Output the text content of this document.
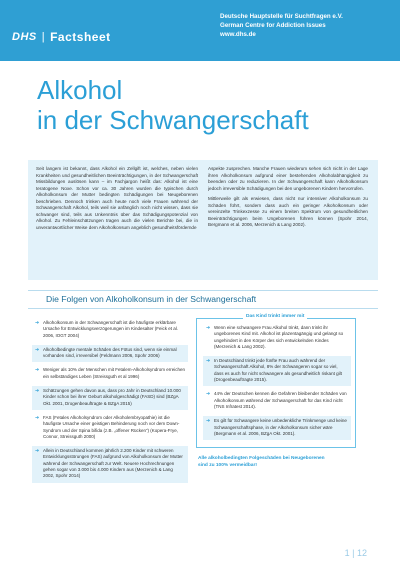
DHS | Factsheet
Deutsche Hauptstelle für Suchtfragen e.V.
German Centre for Addiction Issues
www.dhs.de
Alkohol
in der Schwangerschaft

Seit langem ist bekannt, dass Alkohol ein Zellgift ist, welches, neben vielen Krankheiten und gesundheitlichen Beeinträchtigungen, in der Schwangerschaft Missbildungen auslösen kann – im Fachjargon heißt das: Alkohol ist eine teratogene Noxe. Schon vor ca. 30 Jahren wurden die typischen durch Alkoholkonsum der Mutter bedingten Schädigungen bei Neugeborenen beschrieben. Dennoch trinken auch heute noch viele Frauen während der Schwangerschaft Alkohol, teils weil sie anfänglich noch nicht wissen, dass sie schwanger sind, teils aus Unkenntnis über das Schädigungspotenzial von Alkohol. Zu Fehleinschätzungen tragen auch die vielen Berichte bei, die in unverantwortlicher Weise dem Alkoholkonsum angeblich gesundheitsfördernde

Aspekte zusprechen. Manche Frauen wiederum sehen sich nicht in der Lage ihren Alkoholkonsum aufgrund einer bestehenden Alkoholabhängigkeit zu beenden oder zu reduzieren. In der Schwangerschaft kann Alkoholkonsum jedoch irreversible Schädigungen bei den ungeborenen Kindern hervorrufen.

Mittlerweile gilt als erwiesen, dass nicht nur intensiver Alkoholkonsum zu Schäden führt, sondern dass auch ein geringer Alkoholkonsum oder vereinzelte Trinkexzesse zu einem breiten Spektrum von gesundheitlichen Beeinträchtigungen beim Ungeborenen führen können (Spohr 2014, Bergmann et al. 2006, Merzenich & Lang 2002).

Die Folgen von Alkoholkonsum in der Schwangerschaft
➜ Alkoholkonsum in der Schwangerschaft ist die häufigste erklärbare Ursache für Entwicklungsverzögerungen im Kindesalter (Feick et al. 2006, IOGT 2004)
➜ Alkoholbedingte mentale Schäden des Fötus sind, wenn sie einmal vorhanden sind, irreversibel (Feldmann 2006, Spohr 2006)
➜ Weniger als 10% der Menschen mit Fetalem-Alkoholsyndrom erreichen ein selbständiges Leben (Streissguth et al 1996)
➜ Schätzungen gehen davon aus, dass pro Jahr in Deutschland 10.000 Kinder schon bei ihrer Geburt alkoholgeschädigt (FASD) sind (BZgA Okt. 2001, Drogenbeauftragte & BZgA 2015)
➜ FAS (Fetales Alkoholsyndrom oder Alkoholembryopathie) ist die häufigste Ursache einer geistigen Behinderung noch vor dem Down-Syndrom und der Spina bifida (z.B. „offener Rücken“) (Kopera-Frye, Connor, Streissguth 2000)
➜ Allein in Deutschland kommen jährlich 2.200 Kinder mit schweren Entwicklungsstörungen (FAS) aufgrund von Alkoholkonsum der Mutter während der Schwangerschaft zur Welt. Neuere Hochrechnungen gehen sogar von 3.000 bis 4.000 Kindern aus (Merzenich & Lang 2002, Spohr 2014)
Das Kind trinkt immer mit
➜ Wenn eine schwangere Frau Alkohol trinkt, dann trinkt ihr ungeborenes Kind mit. Alkohol ist plazentagängig und gelangt so ungehindert in den Körper des sich entwickelnden Kindes (Merzenich & Lang 2002).
➜ In Deutschland trinkt jede fünfte Frau auch während der Schwangerschaft Alkohol, 8% der Schwangeren sogar so viel, dass es auch für nicht schwangere als gesundheitlich riskant gilt (Drogenbeauftragte 2015).
➜ 44% der Deutschen kennen die Gefahren bleibender Schäden von Alkoholkonsum während der Schwangerschaft für das Kind nicht (TNS Infratest 2014).
➜ Es gilt für Schwangere keine unbedenkliche Trinkmenge und keine Schwangerschaftsphase, in der Alkoholkonsum sicher wäre (Bergmann et al. 2006, BZgA Okt. 2001).
Alle alkoholbedingten Folgeschäden bei Neugeborenen
sind zu 100% vermeidbar!
1 | 12
